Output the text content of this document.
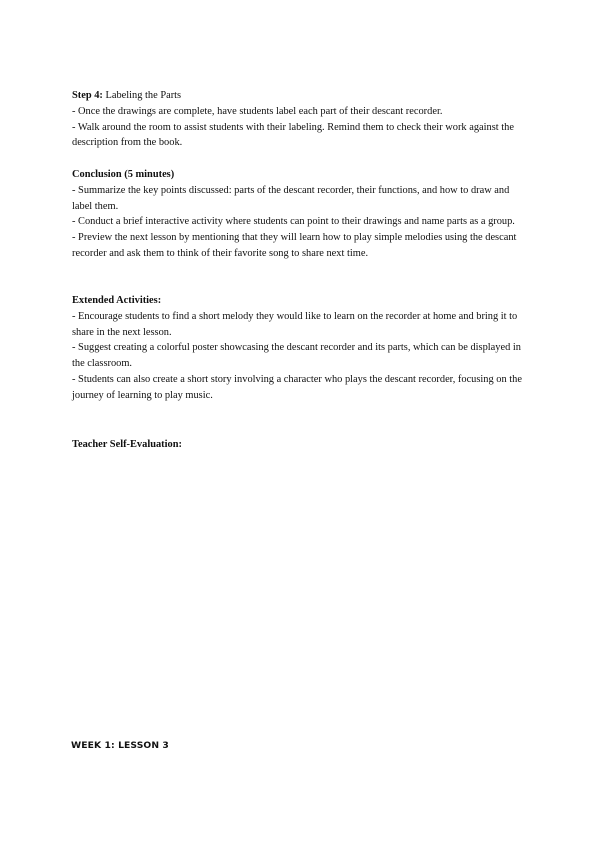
Step 4: Labeling the Parts

- Once the drawings are complete, have students label each part of their descant recorder.

- Walk around the room to assist students with their labeling. Remind them to check their work against the description from the book.

Conclusion (5 minutes)

- Summarize the key points discussed: parts of the descant recorder, their functions, and how to draw and label them.

- Conduct a brief interactive activity where students can point to their drawings and name parts as a group.

- Preview the next lesson by mentioning that they will learn how to play simple melodies using the descant recorder and ask them to think of their favorite song to share next time.

Extended Activities:

- Encourage students to find a short melody they would like to learn on the recorder at home and bring it to share in the next lesson.

- Suggest creating a colorful poster showcasing the descant recorder and its parts, which can be displayed in the classroom.

- Students can also create a short story involving a character who plays the descant recorder, focusing on the journey of learning to play music.

Teacher Self-Evaluation:

WEEK 1: LESSON 3
